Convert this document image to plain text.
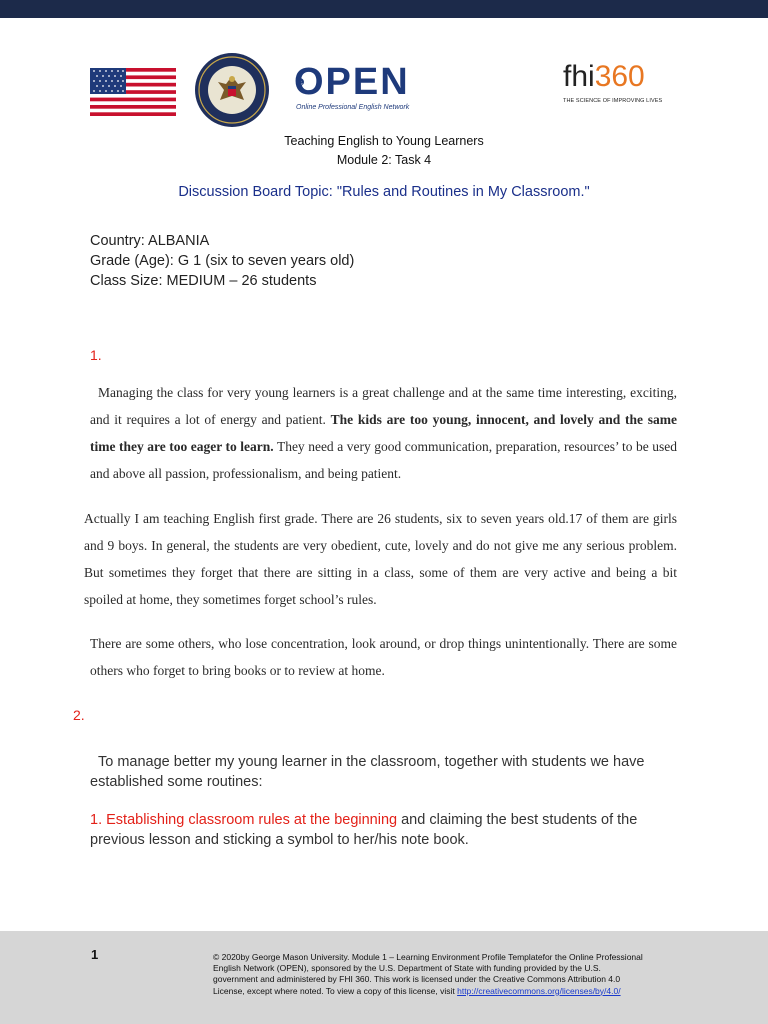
OPEN
Online Professional English Network
fhi360
THE SCIENCE OF IMPROVING LIVES
Teaching English to Young Learners
Module 2: Task 4
Discussion Board Topic: "Rules and Routines in My Classroom."
Country: ALBANIA
Grade (Age): G 1 (six to seven years old)
Class Size: MEDIUM – 26 students
1.
Managing the class for very young learners is a great challenge and at the same time interesting, exciting, and it requires a lot of energy and patient. The kids are too young, innocent, and lovely and the same time they are too eager to learn. They need a very good communication, preparation, resources’ to be used and above all passion, professionalism, and being patient.
Actually I am teaching English first grade. There are 26 students, six to seven years old.17 of them are girls and 9 boys. In general, the students are very obedient, cute, lovely and do not give me any serious problem. But sometimes they forget that there are sitting in a class, some of them are very active and being a bit spoiled at home, they sometimes forget school’s rules.
There are some others, who lose concentration, look around, or drop things unintentionally. There are some others who forget to bring books or to review at home.
2.
To manage better my young learner in the classroom, together with students we have established some routines:
1. Establishing classroom rules at the beginning and claiming the best students of the previous lesson and sticking a symbol to her/his note book.
1	© 2020by George Mason University. Module 1 – Learning Environment Profile Templatefor the Online Professional English Network (OPEN), sponsored by the U.S. Department of State with funding provided by the U.S. government and administered by FHI 360. This work is licensed under the Creative Commons Attribution 4.0 License, except where noted. To view a copy of this license, visit http://creativecommons.org/licenses/by/4.0/
